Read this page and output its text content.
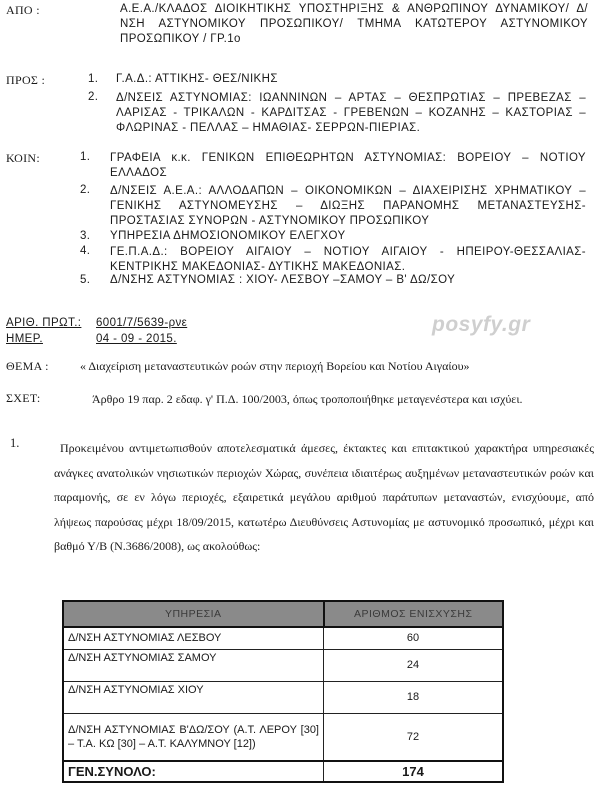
ΑΠΟ :	Α.Ε.Α./ΚΛΑΔΟΣ ΔΙΟΙΚΗΤΙΚΗΣ ΥΠΟΣΤΗΡΙΞΗΣ & ΑΝΘΡΩΠΙΝΟΥ ΔΥΝΑΜΙΚΟΥ/ Δ/ΝΣΗ ΑΣΤΥΝΟΜΙΚΟΥ ΠΡΟΣΩΠΙΚΟΥ/ ΤΜΗΜΑ ΚΑΤΩΤΕΡΟΥ ΑΣΤΥΝΟΜΙΚΟΥ ΠΡΟΣΩΠΙΚΟΥ / ΓΡ.1ο
ΠΡΟΣ :	1. Γ.Α.Δ.: ΑΤΤΙΚΗΣ- ΘΕΣ/ΝΙΚΗΣ
2. Δ/ΝΣΕΙΣ ΑΣΤΥΝΟΜΙΑΣ: ΙΩΑΝΝΙΝΩΝ – ΑΡΤΑΣ – ΘΕΣΠΡΩΤΙΑΣ – ΠΡΕΒΕΖΑΣ – ΛΑΡΙΣΑΣ - ΤΡΙΚΑΛΩΝ - ΚΑΡΔΙΤΣΑΣ - ΓΡΕΒΕΝΩΝ – ΚΟΖΑΝΗΣ – ΚΑΣΤΟΡΙΑΣ – ΦΛΩΡΙΝΑΣ - ΠΕΛΛΑΣ – ΗΜΑΘΙΑΣ- ΣΕΡΡΩΝ-ΠΙΕΡΙΑΣ.
ΚΟΙΝ:	1. ΓΡΑΦΕΙΑ κ.κ. ΓΕΝΙΚΩΝ ΕΠΙΘΕΩΡΗΤΩΝ ΑΣΤΥΝΟΜΙΑΣ: ΒΟΡΕΙΟΥ – ΝΟΤΙΟΥ ΕΛΛΑΔΟΣ
2. Δ/ΝΣΕΙΣ Α.Ε.Α.: ΑΛΛΟΔΑΠΩΝ – ΟΙΚΟΝΟΜΙΚΩΝ – ΔΙΑΧΕΙΡΙΣΗΣ ΧΡΗΜΑΤΙΚΟΥ – ΓΕΝΙΚΗΣ ΑΣΤΥΝΟΜΕΥΣΗΣ – ΔΙΩΞΗΣ ΠΑΡΑΝΟΜΗΣ ΜΕΤΑΝΑΣΤΕΥΣΗΣ- ΠΡΟΣΤΑΣΙΑΣ ΣΥΝΟΡΩΝ - ΑΣΤΥΝΟΜΙΚΟΥ ΠΡΟΣΩΠΙΚΟΥ
3. ΥΠΗΡΕΣΙΑ ΔΗΜΟΣΙΟΝΟΜΙΚΟΥ ΕΛΕΓΧΟΥ
4. ΓΕ.Π.Α.Δ.: ΒΟΡΕΙΟΥ ΑΙΓΑΙΟΥ – ΝΟΤΙΟΥ ΑΙΓΑΙΟΥ - ΗΠΕΙΡΟΥ-ΘΕΣΣΑΛΙΑΣ- ΚΕΝΤΡΙΚΗΣ ΜΑΚΕΔΟΝΙΑΣ- ΔΥΤΙΚΗΣ ΜΑΚΕΔΟΝΙΑΣ.
5. Δ/ΝΣΗΣ ΑΣΤΥΝΟΜΙΑΣ : ΧΙΟΥ- ΛΕΣΒΟΥ –ΣΑΜΟΥ – Β' ΔΩ/ΣΟΥ
ΑΡΙΘ. ΠΡΩΤ.: 6001/7/5639-ρνε
ΗΜΕΡ.	04 - 09 - 2015.
posyfy.gr
ΘΕΜΑ :	« Διαχείριση μεταναστευτικών ροών στην περιοχή Βορείου και Νοτίου Αιγαίου»
ΣΧΕΤ:	Άρθρο 19 παρ. 2 εδαφ. γ' Π.Δ. 100/2003, όπως τροποποιήθηκε μεταγενέστερα και ισχύει.
1.	Προκειμένου αντιμετωπισθούν αποτελεσματικά άμεσες, έκτακτες και επιτακτικού χαρακτήρα υπηρεσιακές ανάγκες ανατολικών νησιωτικών περιοχών Χώρας, συνέπεια ιδιαιτέρως αυξημένων μεταναστευτικών ροών και παραμονής, σε εν λόγω περιοχές, εξαιρετικά μεγάλου αριθμού παράτυπων μεταναστών, ενισχύουμε, από λήψεως παρούσας μέχρι 18/09/2015, κατωτέρω Διευθύνσεις Αστυνομίας με αστυνομικό προσωπικό, μέχρι και βαθμό Υ/Β (Ν.3686/2008), ως ακολούθως:
ΥΠΗΡΕΣΙΑ	ΑΡΙΘΜΟΣ ΕΝΙΣΧΥΣΗΣ
Δ/ΝΣΗ ΑΣΤΥΝΟΜΙΑΣ ΛΕΣΒΟΥ	60
Δ/ΝΣΗ ΑΣΤΥΝΟΜΙΑΣ ΣΑΜΟΥ	24
Δ/ΝΣΗ ΑΣΤΥΝΟΜΙΑΣ ΧΙΟΥ	18
Δ/ΝΣΗ ΑΣΤΥΝΟΜΙΑΣ Β'ΔΩ/ΣΟΥ (Α.Τ. ΛΕΡΟΥ [30] – Τ.Α. ΚΩ [30] – Α.Τ. ΚΑΛΥΜΝΟΥ [12])	72
ΓΕΝ.ΣΥΝΟΛΟ:	174
